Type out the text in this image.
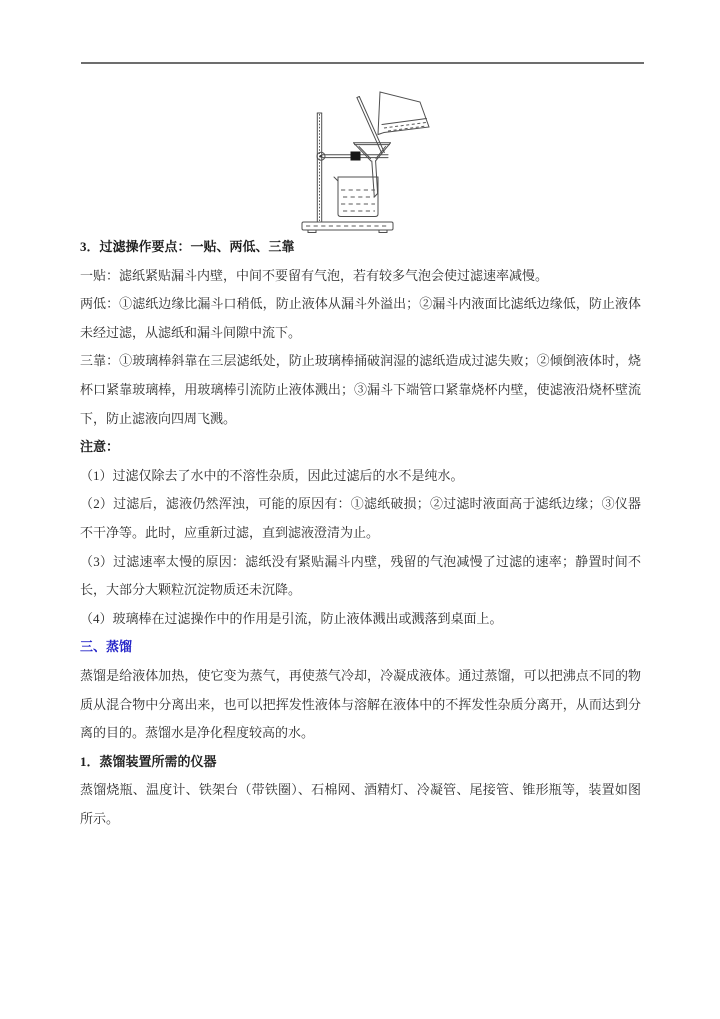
3．过滤操作要点：一贴、两低、三靠

一贴：滤纸紧贴漏斗内壁，中间不要留有气泡，若有较多气泡会使过滤速率减慢。

两低：①滤纸边缘比漏斗口稍低，防止液体从漏斗外溢出；②漏斗内液面比滤纸边缘低，防止液体未经过滤，从滤纸和漏斗间隙中流下。

三靠：①玻璃棒斜靠在三层滤纸处，防止玻璃棒捅破润湿的滤纸造成过滤失败；②倾倒液体时，烧杯口紧靠玻璃棒，用玻璃棒引流防止液体溅出；③漏斗下端管口紧靠烧杯内壁，使滤液沿烧杯壁流下，防止滤液向四周飞溅。

注意：

（1）过滤仅除去了水中的不溶性杂质，因此过滤后的水不是纯水。

（2）过滤后，滤液仍然浑浊，可能的原因有：①滤纸破损；②过滤时液面高于滤纸边缘；③仪器不干净等。此时，应重新过滤，直到滤液澄清为止。

（3）过滤速率太慢的原因：滤纸没有紧贴漏斗内壁，残留的气泡减慢了过滤的速率；静置时间不长，大部分大颗粒沉淀物质还未沉降。

（4）玻璃棒在过滤操作中的作用是引流，防止液体溅出或溅落到桌面上。

三、蒸馏

蒸馏是给液体加热，使它变为蒸气，再使蒸气冷却，冷凝成液体。通过蒸馏，可以把沸点不同的物质从混合物中分离出来，也可以把挥发性液体与溶解在液体中的不挥发性杂质分离开，从而达到分离的目的。蒸馏水是净化程度较高的水。

1．蒸馏装置所需的仪器

蒸馏烧瓶、温度计、铁架台（带铁圈）、石棉网、酒精灯、冷凝管、尾接管、锥形瓶等，装置如图所示。
